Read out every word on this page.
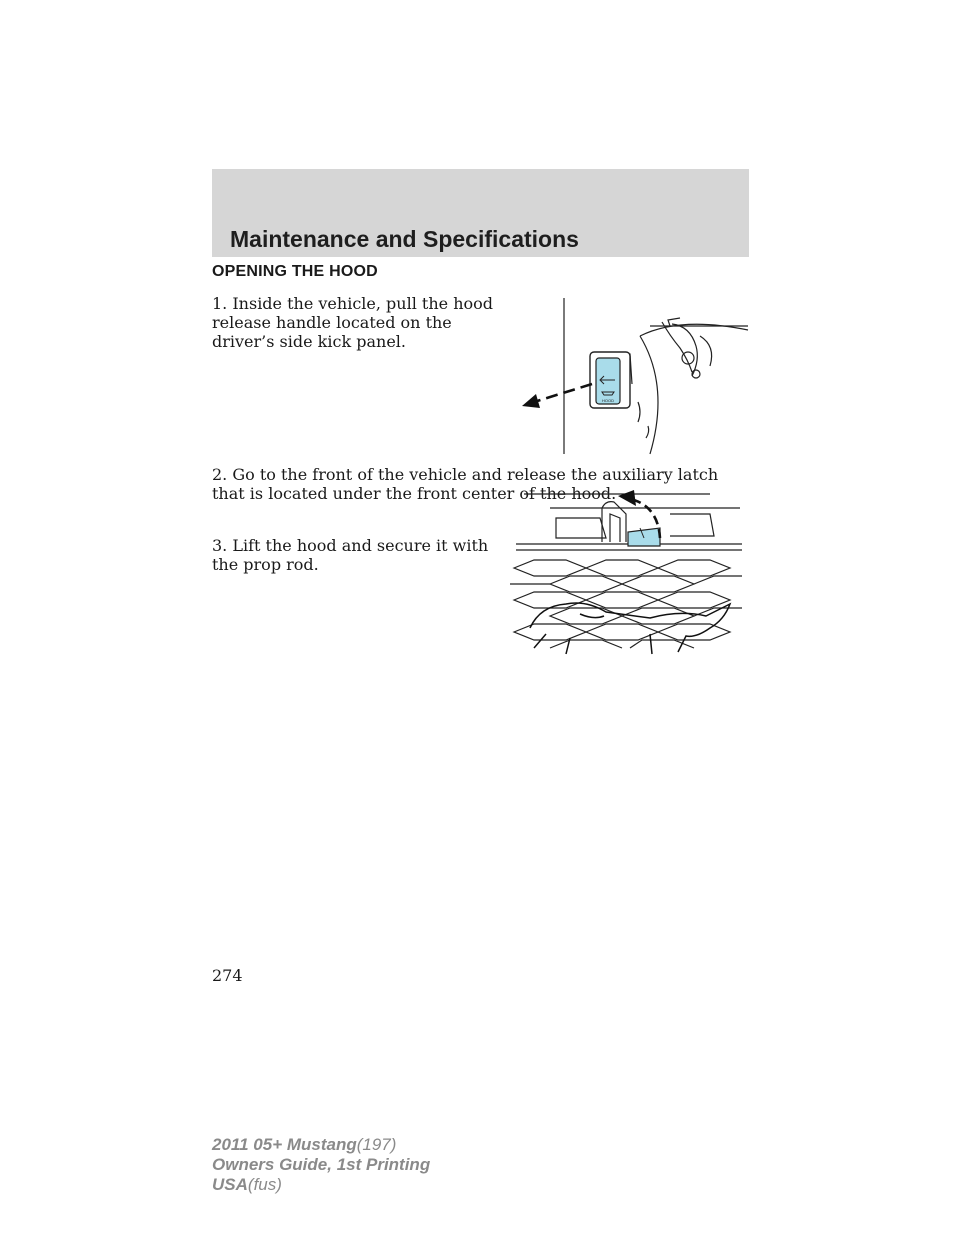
Maintenance and Specifications
OPENING THE HOOD

1. Inside the vehicle, pull the hood release handle located on the driver’s side kick panel.

HOOD

2. Go to the front of the vehicle and release the auxiliary latch that is located under the front center of the hood.

3. Lift the hood and secure it with the prop rod.

274
2011 05+ Mustang(197)
Owners Guide, 1st Printing
USA(fus)
